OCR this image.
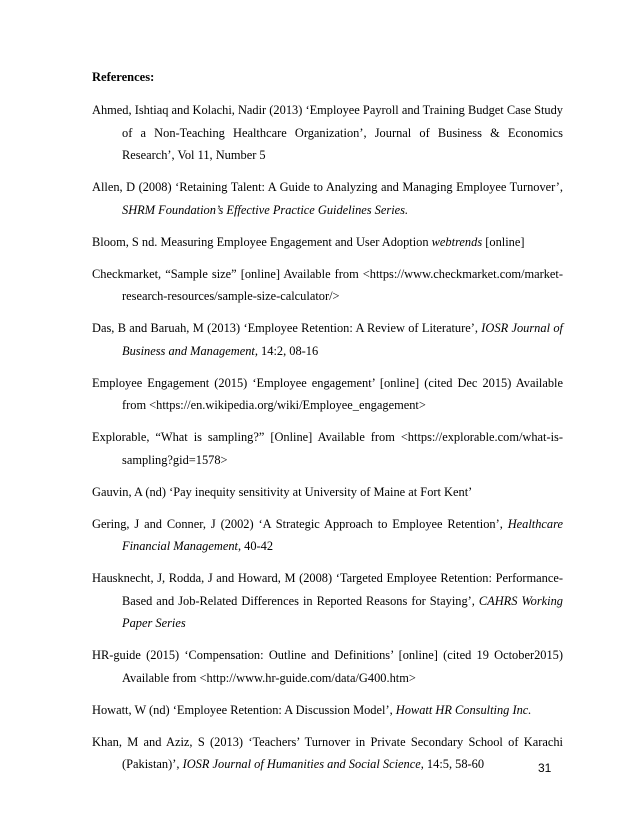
References:

Ahmed, Ishtiaq and Kolachi, Nadir (2013) ‘Employee Payroll and Training Budget Case Study of a Non-Teaching Healthcare Organization’, Journal of Business & Economics Research’, Vol 11, Number 5

Allen, D (2008) ‘Retaining Talent: A Guide to Analyzing and Managing Employee Turnover’, SHRM Foundation’s Effective Practice Guidelines Series.

Bloom, S nd. Measuring Employee Engagement and User Adoption webtrends [online]

Checkmarket, “Sample size” [online] Available from <https://www.checkmarket.com/market-research-resources/sample-size-calculator/>

Das, B and Baruah, M (2013) ‘Employee Retention: A Review of Literature’, IOSR Journal of Business and Management, 14:2, 08-16

Employee Engagement (2015) ‘Employee engagement’ [online] (cited Dec 2015) Available from <https://en.wikipedia.org/wiki/Employee_engagement>

Explorable, “What is sampling?” [Online] Available from <https://explorable.com/what-is-sampling?gid=1578>

Gauvin, A (nd) ‘Pay inequity sensitivity at University of Maine at Fort Kent’

Gering, J and Conner, J (2002) ‘A Strategic Approach to Employee Retention’, Healthcare Financial Management, 40-42

Hausknecht, J, Rodda, J and Howard, M (2008) ‘Targeted Employee Retention: Performance-Based and Job-Related Differences in Reported Reasons for Staying’, CAHRS Working Paper Series

HR-guide (2015) ‘Compensation: Outline and Definitions’ [online] (cited 19 October2015) Available from <http://www.hr-guide.com/data/G400.htm>

Howatt, W (nd) ‘Employee Retention: A Discussion Model’, Howatt HR Consulting Inc.

Khan, M and Aziz, S (2013) ‘Teachers’ Turnover in Private Secondary School of Karachi (Pakistan)’, IOSR Journal of Humanities and Social Science, 14:5, 58-60	31
